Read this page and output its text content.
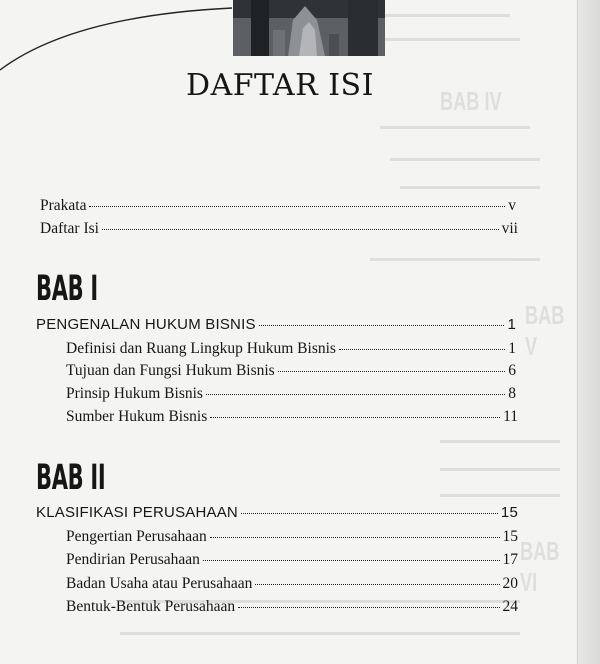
BAB IV
BAB V
BAB VI
DAFTAR ISI
Prakata	v
Daftar Isi	vii
BAB I
PENGENALAN HUKUM BISNIS	1
Definisi dan Ruang Lingkup Hukum Bisnis	1
Tujuan dan Fungsi Hukum Bisnis	6
Prinsip Hukum Bisnis	8
Sumber Hukum Bisnis	11
BAB II
KLASIFIKASI PERUSAHAAN	15
Pengertian Perusahaan	15
Pendirian Perusahaan	17
Badan Usaha atau Perusahaan	20
Bentuk-Bentuk Perusahaan	24
